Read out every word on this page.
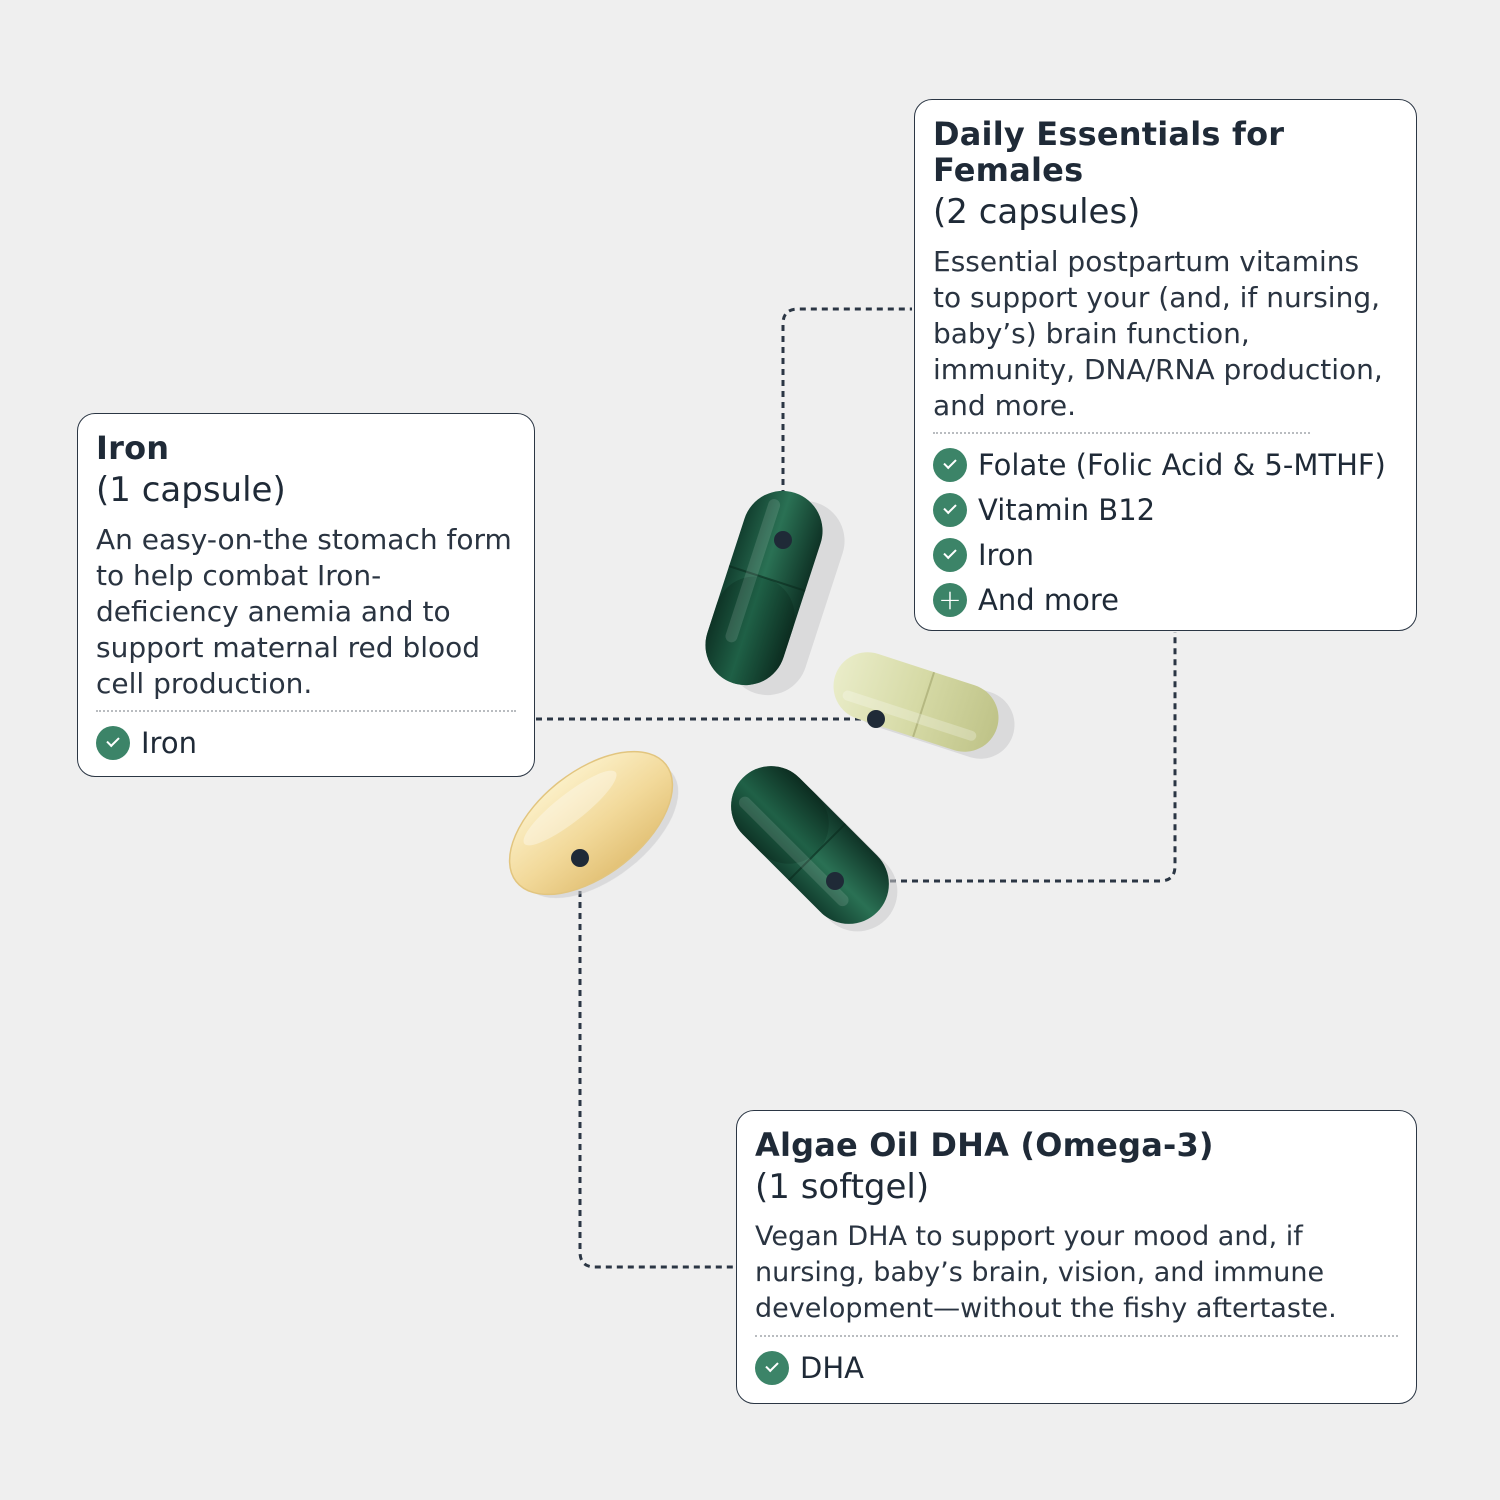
Iron
(1 capsule)
An easy-on-the stomach form to help combat Iron-deficiency anemia and to support maternal red blood cell production.
Iron
Daily Essentials for Females
(2 capsules)
Essential postpartum vitamins to support your (and, if nursing, baby’s) brain function, immunity, DNA/RNA production, and more.
Folate (Folic Acid & 5-MTHF)
Vitamin B12
Iron
+ And more
Algae Oil DHA (Omega-3)
(1 softgel)
Vegan DHA to support your mood and, if nursing, baby’s brain, vision, and immune development—without the fishy aftertaste.
DHA
